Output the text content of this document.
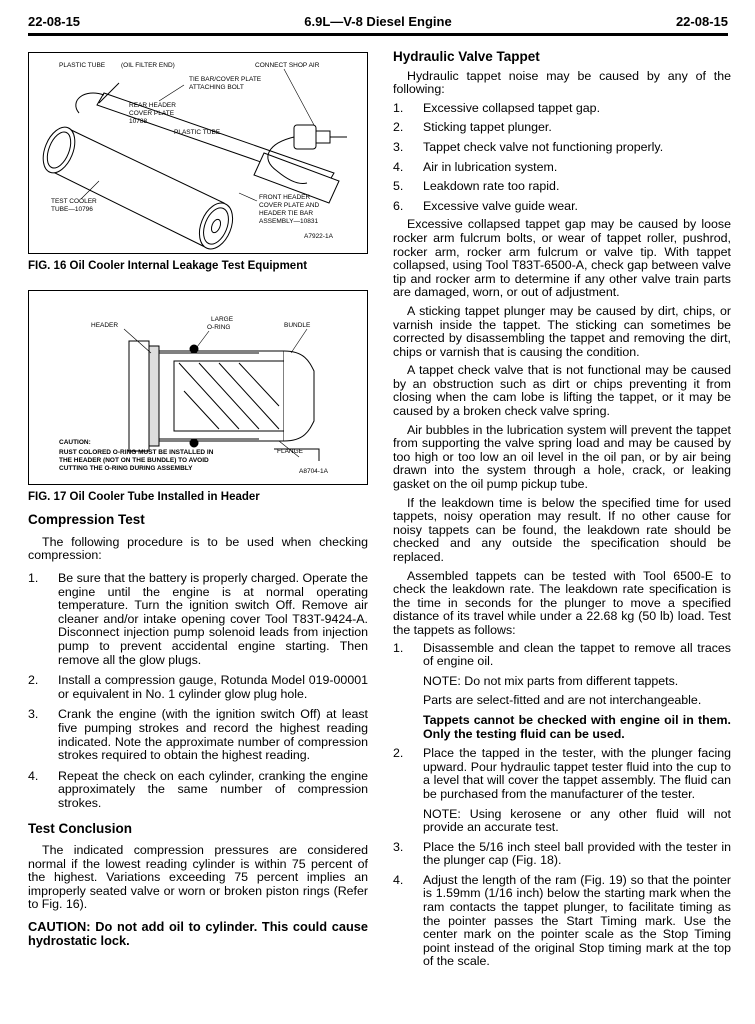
22-08-15	6.9L—V-8 Diesel Engine	22-08-15
PLASTIC TUBE (OIL FILTER END)	CONNECT SHOP AIR
TIE BAR/COVER PLATE
ATTACHING BOLT
REAR HEADER
COVER PLATE
10788
PLASTIC TUBE
TEST COOLER
TUBE—10796
FRONT HEADER
COVER PLATE AND
HEADER TIE BAR
ASSEMBLY—10831
A7922-1A
FIG. 16 Oil Cooler Internal Leakage Test Equipment
HEADER
LARGE
O-RING	BUNDLE
CAUTION:
RUST COLORED O-RING MUST BE INSTALLED IN
THE HEADER (NOT ON THE BUNDLE) TO AVOID
CUTTING THE O-RING DURING ASSEMBLY
FLANGE
A8704-1A
FIG. 17 Oil Cooler Tube Installed in Header
Compression Test

The following procedure is to be used when checking compression:

1. Be sure that the battery is properly charged. Operate the engine until the engine is at normal operating temperature. Turn the ignition switch Off. Remove air cleaner and/or intake opening cover Tool T83T-9424-A. Disconnect injection pump solenoid leads from injection pump to prevent accidental engine starting. Then remove all the glow plugs.
2. Install a compression gauge, Rotunda Model 019-00001 or equivalent in No. 1 cylinder glow plug hole.
3. Crank the engine (with the ignition switch Off) at least five pumping strokes and record the highest reading indicated. Note the approximate number of compression strokes required to obtain the highest reading.
4. Repeat the check on each cylinder, cranking the engine approximately the same number of compression strokes.
Test Conclusion

The indicated compression pressures are considered normal if the lowest reading cylinder is within 75 percent of the highest. Variations exceeding 75 percent implies an improperly seated valve or worn or broken piston rings (Refer to Fig. 16).

CAUTION: Do not add oil to cylinder. This could cause hydrostatic lock.

Hydraulic Valve Tappet

Hydraulic tappet noise may be caused by any of the following:

1. Excessive collapsed tappet gap.
2. Sticking tappet plunger.
3. Tappet check valve not functioning properly.
4. Air in lubrication system.
5. Leakdown rate too rapid.
6. Excessive valve guide wear.

Excessive collapsed tappet gap may be caused by loose rocker arm fulcrum bolts, or wear of tappet roller, pushrod, rocker arm, rocker arm fulcrum or valve tip. With tappet collapsed, using Tool T83T-6500-A, check gap between valve tip and rocker arm to determine if any other valve train parts are damaged, worn, or out of adjustment.

A sticking tappet plunger may be caused by dirt, chips, or varnish inside the tappet. The sticking can sometimes be corrected by disassembling the tappet and removing the dirt, chips or varnish that is causing the condition.

A tappet check valve that is not functional may be caused by an obstruction such as dirt or chips preventing it from closing when the cam lobe is lifting the tappet, or it may be caused by a broken check valve spring.

Air bubbles in the lubrication system will prevent the tappet from supporting the valve spring load and may be caused by too high or too low an oil level in the oil pan, or by air being drawn into the system through a hole, crack, or leaking gasket on the oil pump pickup tube.

If the leakdown time is below the specified time for used tappets, noisy operation may result. If no other cause for noisy tappets can be found, the leakdown rate should be checked and any outside the specification should be replaced.

Assembled tappets can be tested with Tool 6500-E to check the leakdown rate. The leakdown rate specification is the time in seconds for the plunger to move a specified distance of its travel while under a 22.68 kg (50 lb) load. Test the tappets as follows:

1. Disassemble and clean the tappet to remove all traces of engine oil.
NOTE: Do not mix parts from different tappets.
Parts are select-fitted and are not interchangeable.
Tappets cannot be checked with engine oil in them. Only the testing fluid can be used.
2. Place the tapped in the tester, with the plunger facing upward. Pour hydraulic tappet tester fluid into the cup to a level that will cover the tappet assembly. The fluid can be purchased from the manufacturer of the tester.
NOTE: Using kerosene or any other fluid will not provide an accurate test.
3. Place the 5/16 inch steel ball provided with the tester in the plunger cap (Fig. 18).
4. Adjust the length of the ram (Fig. 19) so that the pointer is 1.59mm (1/16 inch) below the starting mark when the ram contacts the tappet plunger, to facilitate timing as the pointer passes the Start Timing mark. Use the center mark on the pointer scale as the Stop Timing point instead of the original Stop timing mark at the top of the scale.
